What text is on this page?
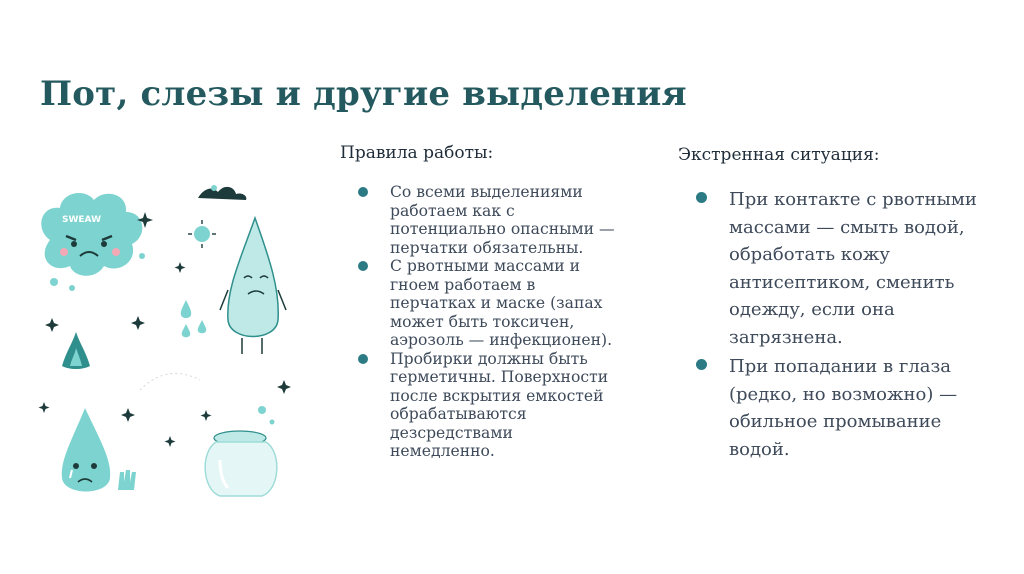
Пот, слезы и другие выделения
SWEAW
Правила работы:
Со всеми выделениями работаем как с потенциально опасными — перчатки обязательны.
С рвотными массами и гноем работаем в перчатках и маске (запах может быть токсичен, аэрозоль — инфекционен).
Пробирки должны быть герметичны. Поверхности после вскрытия емкостей обрабатываются дезсредствами немедленно.
Экстренная ситуация:
При контакте с рвотными массами — смыть водой, обработать кожу антисептиком, сменить одежду, если она загрязнена.
При попадании в глаза (редко, но возможно) — обильное промывание водой.
